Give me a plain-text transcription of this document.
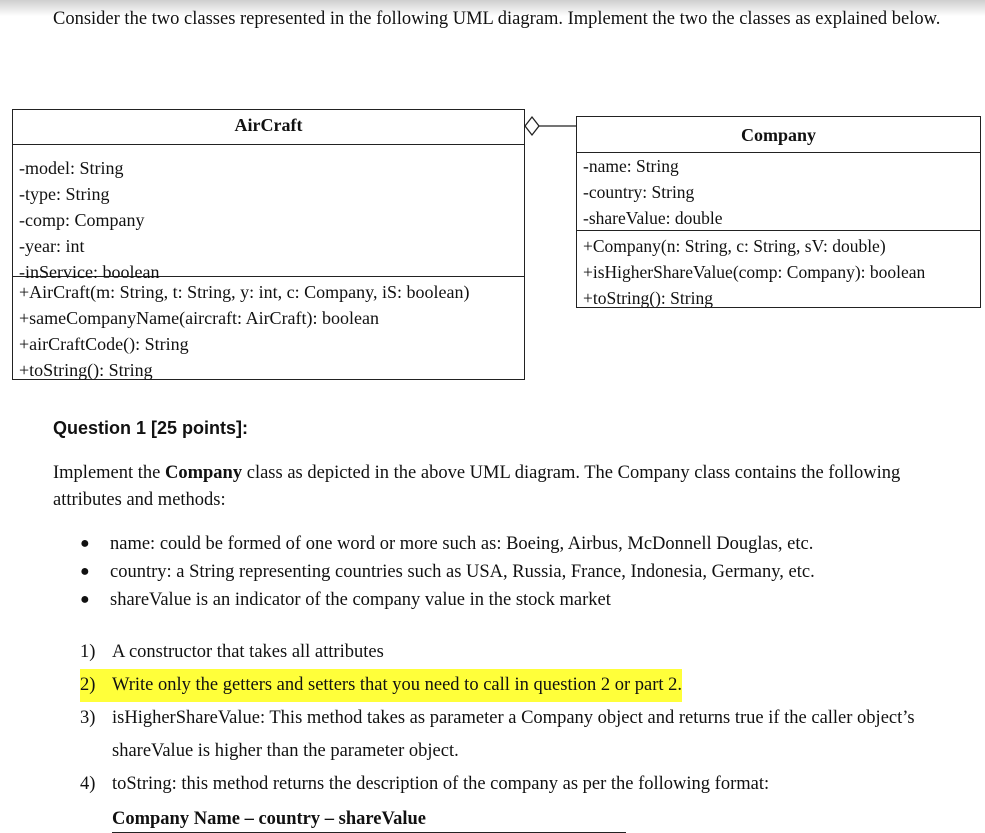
Consider the two classes represented in the following UML diagram. Implement the two the classes as explained below.
AirCraft
-model: String
-type: String
-comp: Company
-year: int
-inService: boolean
+AirCraft(m: String, t: String, y: int, c: Company, iS: boolean)
+sameCompanyName(aircraft: AirCraft): boolean
+airCraftCode(): String
+toString(): String
Company
-name: String
-country: String
-shareValue: double
+Company(n: String, c: String, sV: double)
+isHigherShareValue(comp: Company): boolean
+toString(): String
Question 1 [25 points]:
Implement the Company class as depicted in the above UML diagram. The Company class contains the following attributes and methods:
●	name: could be formed of one word or more such as: Boeing, Airbus, McDonnell Douglas, etc.
●	country: a String representing countries such as USA, Russia, France, Indonesia, Germany, etc.
●	shareValue is an indicator of the company value in the stock market
1) A constructor that takes all attributes
2) Write only the getters and setters that you need to call in question 2 or part 2.
3) isHigherShareValue: This method takes as parameter a Company object and returns true if the caller object’s shareValue is higher than the parameter object.
4) toString: this method returns the description of the company as per the following format:
Company Name – country – shareValue
